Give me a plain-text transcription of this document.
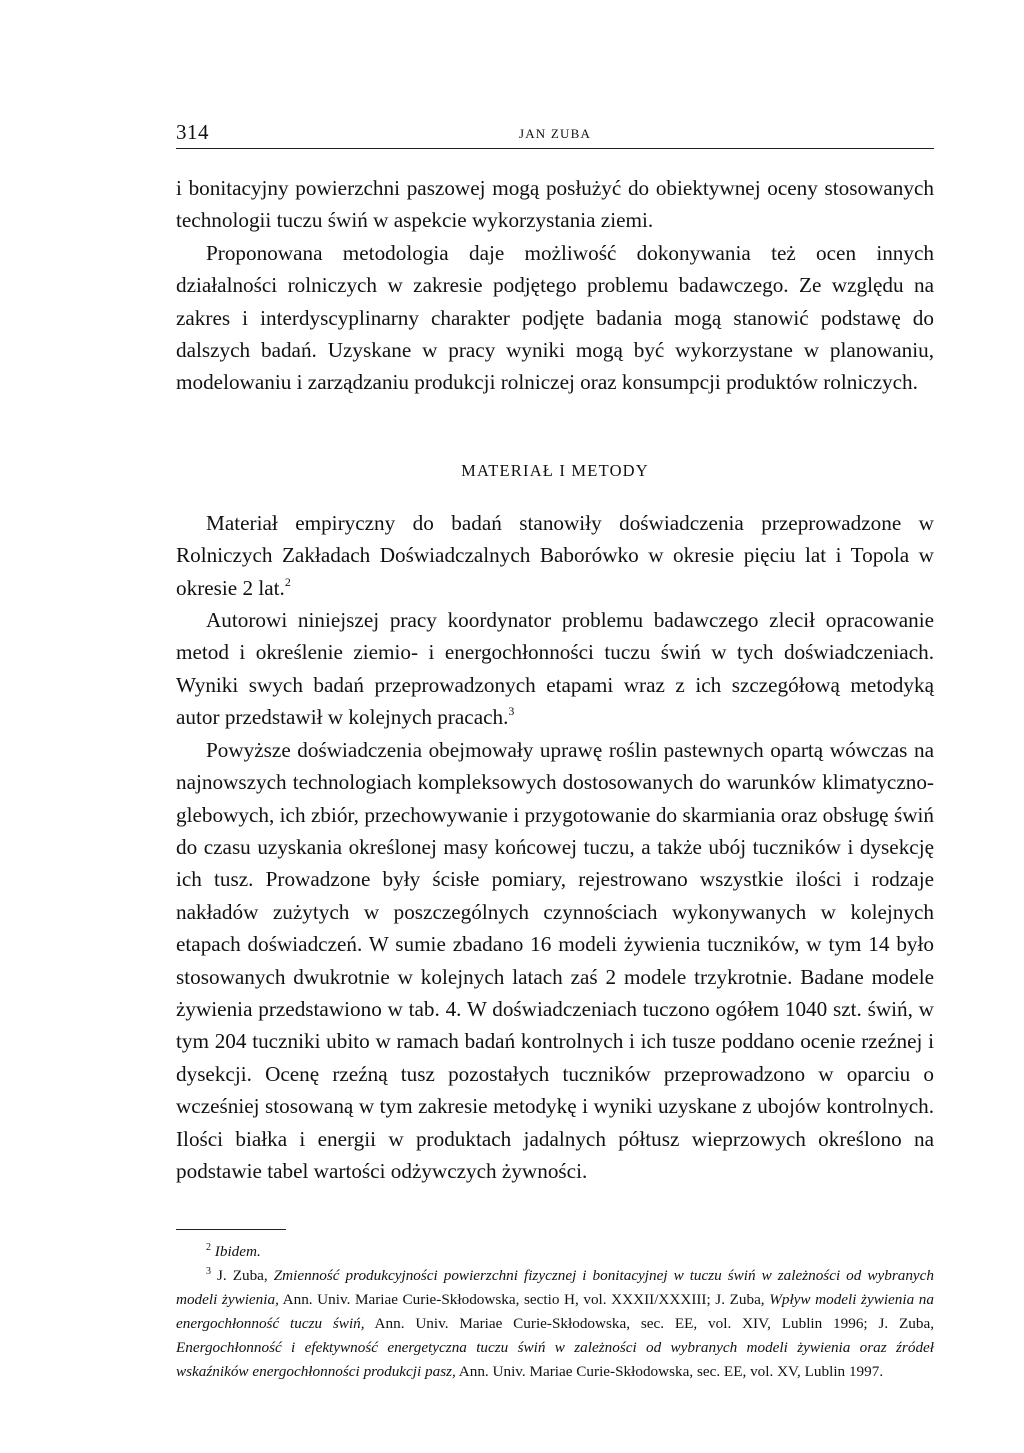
314	JAN ZUBA

i bonitacyjny powierzchni paszowej mogą posłużyć do obiektywnej oceny stosowanych technologii tuczu świń w aspekcie wykorzystania ziemi.

Proponowana metodologia daje możliwość dokonywania też ocen innych działalności rolniczych w zakresie podjętego problemu badawczego. Ze względu na zakres i interdyscyplinarny charakter podjęte badania mogą stanowić podstawę do dalszych badań. Uzyskane w pracy wyniki mogą być wykorzystane w planowaniu, modelowaniu i zarządzaniu produkcji rolniczej oraz konsumpcji produktów rolniczych.

MATERIAŁ I METODY

Materiał empiryczny do badań stanowiły doświadczenia przeprowadzone w Rolniczych Zakładach Doświadczalnych Baborówko w okresie pięciu lat i Topola w okresie 2 lat.$^2$

Autorowi niniejszej pracy koordynator problemu badawczego zlecił opracowanie metod i określenie ziemio- i energochłonności tuczu świń w tych doświadczeniach. Wyniki swych badań przeprowadzonych etapami wraz z ich szczegółową metodyką autor przedstawił w kolejnych pracach.$^3$

Powyższe doświadczenia obejmowały uprawę roślin pastewnych opartą wówczas na najnowszych technologiach kompleksowych dostosowanych do warunków klimatyczno-glebowych, ich zbiór, przechowywanie i przygotowanie do skarmiania oraz obsługę świń do czasu uzyskania określonej masy końcowej tuczu, a także ubój tuczników i dysekcję ich tusz. Prowadzone były ścisłe pomiary, rejestrowano wszystkie ilości i rodzaje nakładów zużytych w poszczególnych czynnościach wykonywanych w kolejnych etapach doświadczeń. W sumie zbadano 16 modeli żywienia tuczników, w tym 14 było stosowanych dwukrotnie w kolejnych latach zaś 2 modele trzykrotnie. Badane modele żywienia przedstawiono w tab. 4. W doświadczeniach tuczono ogółem 1040 szt. świń, w tym 204 tuczniki ubito w ramach badań kontrolnych i ich tusze poddano ocenie rzeźnej i dysekcji. Ocenę rzeźną tusz pozostałych tuczników przeprowadzono w oparciu o wcześniej stosowaną w tym zakresie metodykę i wyniki uzyskane z ubojów kontrolnych. Ilości białka i energii w produktach jadalnych półtusz wieprzowych określono na podstawie tabel wartości odżywczych żywności.

$^2$ Ibidem.

$^3$ J. Zuba, Zmienność produkcyjności powierzchni fizycznej i bonitacyjnej w tuczu świń w zależności od wybranych modeli żywienia, Ann. Univ. Mariae Curie-Skłodowska, sectio H, vol. XXXII/XXXIII; J. Zuba, Wpływ modeli żywienia na energochłonność tuczu świń, Ann. Univ. Mariae Curie-Skłodowska, sec. EE, vol. XIV, Lublin 1996; J. Zuba, Energochłonność i efektywność energetyczna tuczu świń w zależności od wybranych modeli żywienia oraz źródeł wskaźników energochłonności produkcji pasz, Ann. Univ. Mariae Curie-Skłodowska, sec. EE, vol. XV, Lublin 1997.
